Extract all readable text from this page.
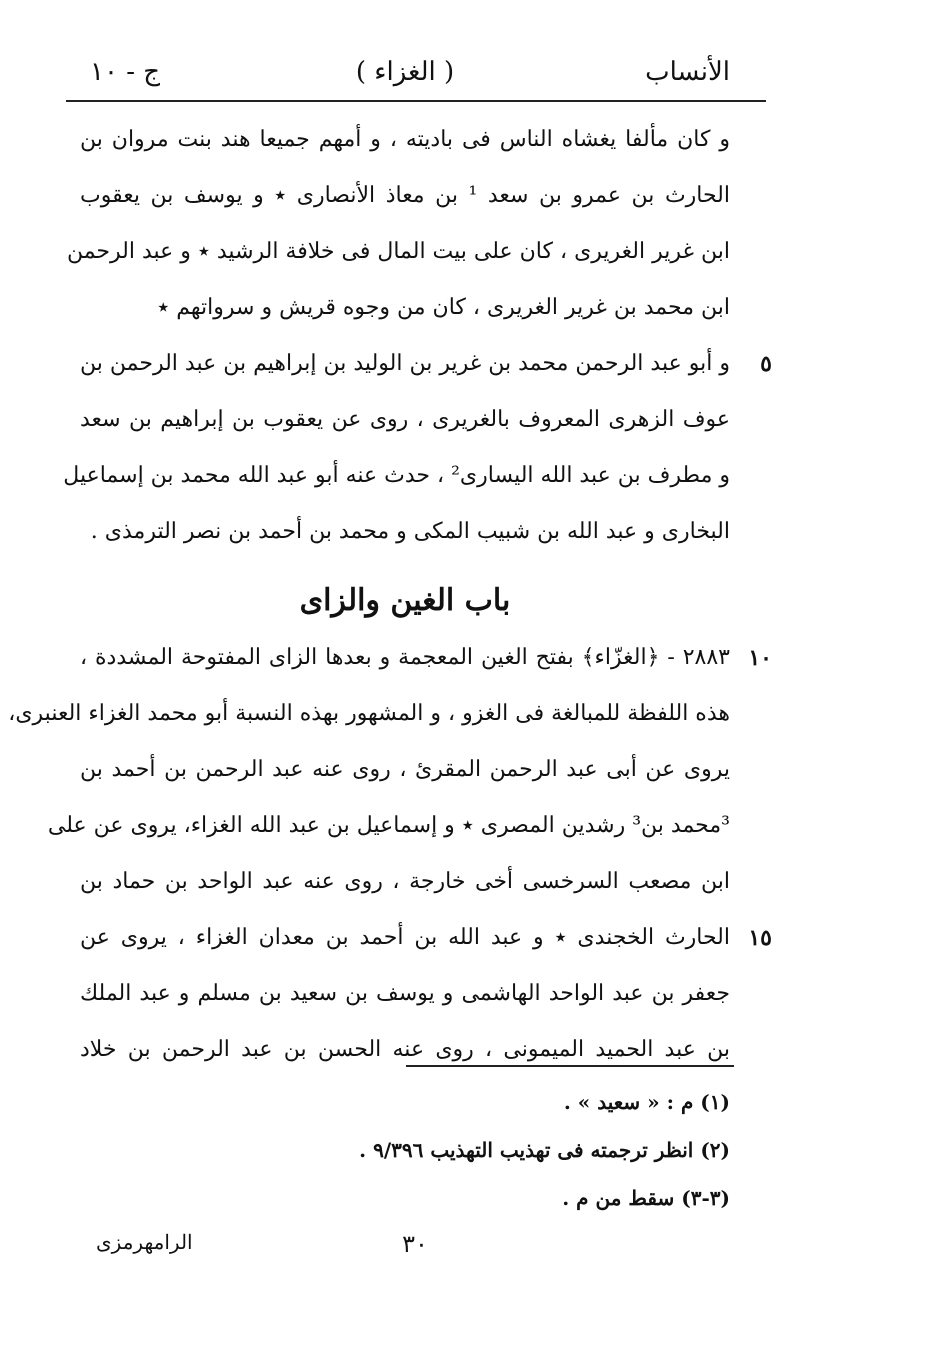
الأنساب
( الغزاء )
ج - ١٠
و كان مألفا يغشاه الناس فى باديته ، و أمهم جميعا هند بنت مروان بن
الحارث بن عمرو بن سعد ¹ بن معاذ الأنصارى ٭ و يوسف بن يعقوب
ابن غرير الغريرى ، كان على بيت المال فى خلافة الرشيد ٭ و عبد الرحمن
ابن محمد بن غرير الغريرى ، كان من وجوه قريش و سرواتهم ٭
٥
و أبو عبد الرحمن محمد بن غرير بن الوليد بن إبراهيم بن عبد الرحمن بن
عوف الزهرى المعروف بالغريرى ، روى عن يعقوب بن إبراهيم بن سعد
و مطرف بن عبد الله اليسارى² ، حدث عنه أبو عبد الله محمد بن إسماعيل
البخارى و عبد الله بن شبيب المكى و محمد بن أحمد بن نصر الترمذى .
باب الغين والزاى
١٠
٢٨٨٣ - ﴿الغزّاء﴾ بفتح الغين المعجمة و بعدها الزاى المفتوحة المشددة ،
هذه اللفظة للمبالغة فى الغزو ، و المشهور بهذه النسبة أبو محمد الغزاء العنبرى،
يروى عن أبى عبد الرحمن المقرئ ، روى عنه عبد الرحمن بن أحمد بن
³محمد بن³ رشدين المصرى ٭ و إسماعيل بن عبد الله الغزاء، يروى عن على
ابن مصعب السرخسى أخى خارجة ، روى عنه عبد الواحد بن حماد بن
١٥
الحارث الخجندى ٭ و عبد الله بن أحمد بن معدان الغزاء ، يروى عن
جعفر بن عبد الواحد الهاشمى و يوسف بن سعيد بن مسلم و عبد الملك
بن عبد الحميد الميمونى ، روى عنه الحسن بن عبد الرحمن بن خلاد
(١) م : « سعيد » .
(٢) انظر ترجمته فى تهذيب التهذيب ٩/٣٩٦ .
(٣-٣) سقط من م .
٣٠
الرامهرمزى
